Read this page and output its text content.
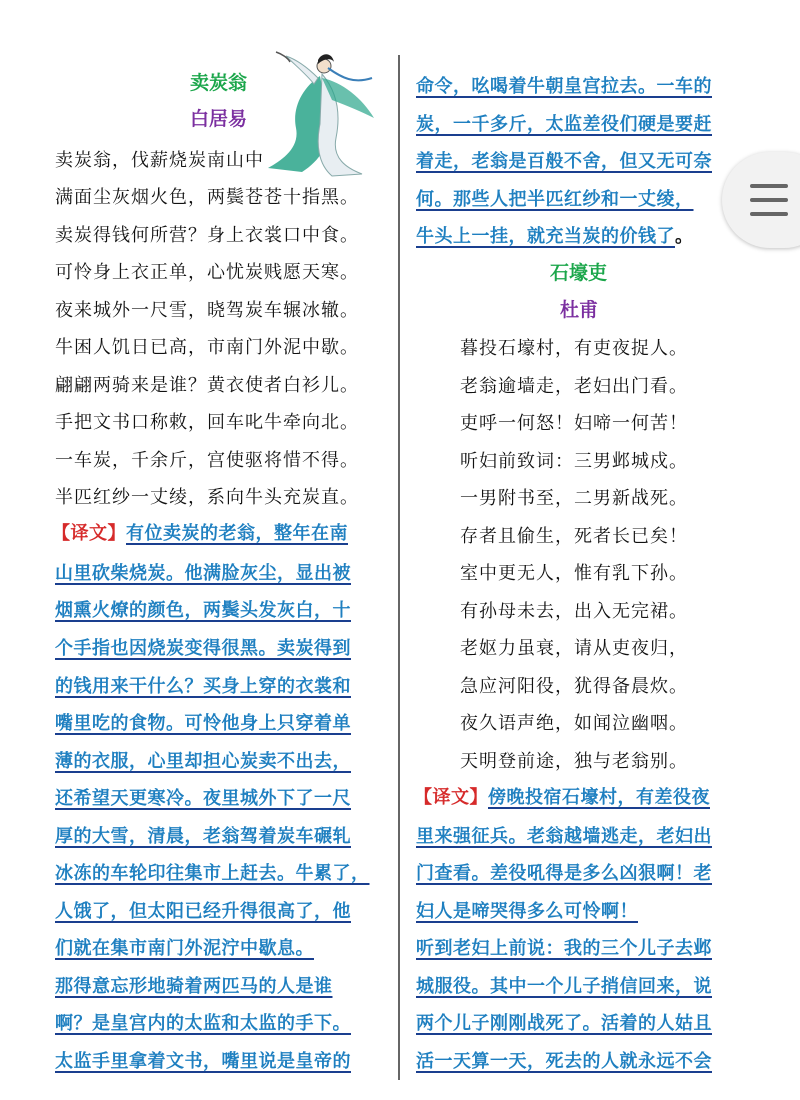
卖炭翁
白居易
卖炭翁，伐薪烧炭南山中
满面尘灰烟火色，两鬓苍苍十指黑。
卖炭得钱何所营？身上衣裳口中食。
可怜身上衣正单，心忧炭贱愿天寒。
夜来城外一尺雪，晓驾炭车辗冰辙。
牛困人饥日已高，市南门外泥中歇。
翩翩两骑来是谁？黄衣使者白衫儿。
手把文书口称敕，回车叱牛牵向北。
一车炭，千余斤，宫使驱将惜不得。
半匹红纱一丈绫，系向牛头充炭直。
【译文】有位卖炭的老翁，整年在南
山里砍柴烧炭。他满脸灰尘，显出被
烟熏火燎的颜色，两鬓头发灰白，十
个手指也因烧炭变得很黑。卖炭得到
的钱用来干什么？买身上穿的衣裳和
嘴里吃的食物。可怜他身上只穿着单
薄的衣服，心里却担心炭卖不出去，
还希望天更寒冷。夜里城外下了一尺
厚的大雪，清晨，老翁驾着炭车碾轧
冰冻的车轮印往集市上赶去。牛累了，
人饿了，但太阳已经升得很高了，他
们就在集市南门外泥泞中歇息。
那得意忘形地骑着两匹马的人是谁
啊？是皇宫内的太监和太监的手下。
太监手里拿着文书，嘴里说是皇帝的
命令，吆喝着牛朝皇宫拉去。一车的
炭，一千多斤，太监差役们硬是要赶
着走，老翁是百般不舍，但又无可奈
何。那些人把半匹红纱和一丈绫，
牛头上一挂，就充当炭的价钱了。
石壕吏
杜甫
暮投石壕村，有吏夜捉人。
老翁逾墙走，老妇出门看。
吏呼一何怒！妇啼一何苦！
听妇前致词：三男邺城戍。
一男附书至，二男新战死。
存者且偷生，死者长已矣！
室中更无人，惟有乳下孙。
有孙母未去，出入无完裙。
老妪力虽衰，请从吏夜归，
急应河阳役，犹得备晨炊。
夜久语声绝，如闻泣幽咽。
天明登前途，独与老翁别。
【译文】傍晚投宿石壕村，有差役夜
里来强征兵。老翁越墙逃走，老妇出
门查看。差役吼得是多么凶狠啊！老
妇人是啼哭得多么可怜啊！
听到老妇上前说：我的三个儿子去邺
城服役。其中一个儿子捎信回来，说
两个儿子刚刚战死了。活着的人姑且
活一天算一天，死去的人就永远不会
